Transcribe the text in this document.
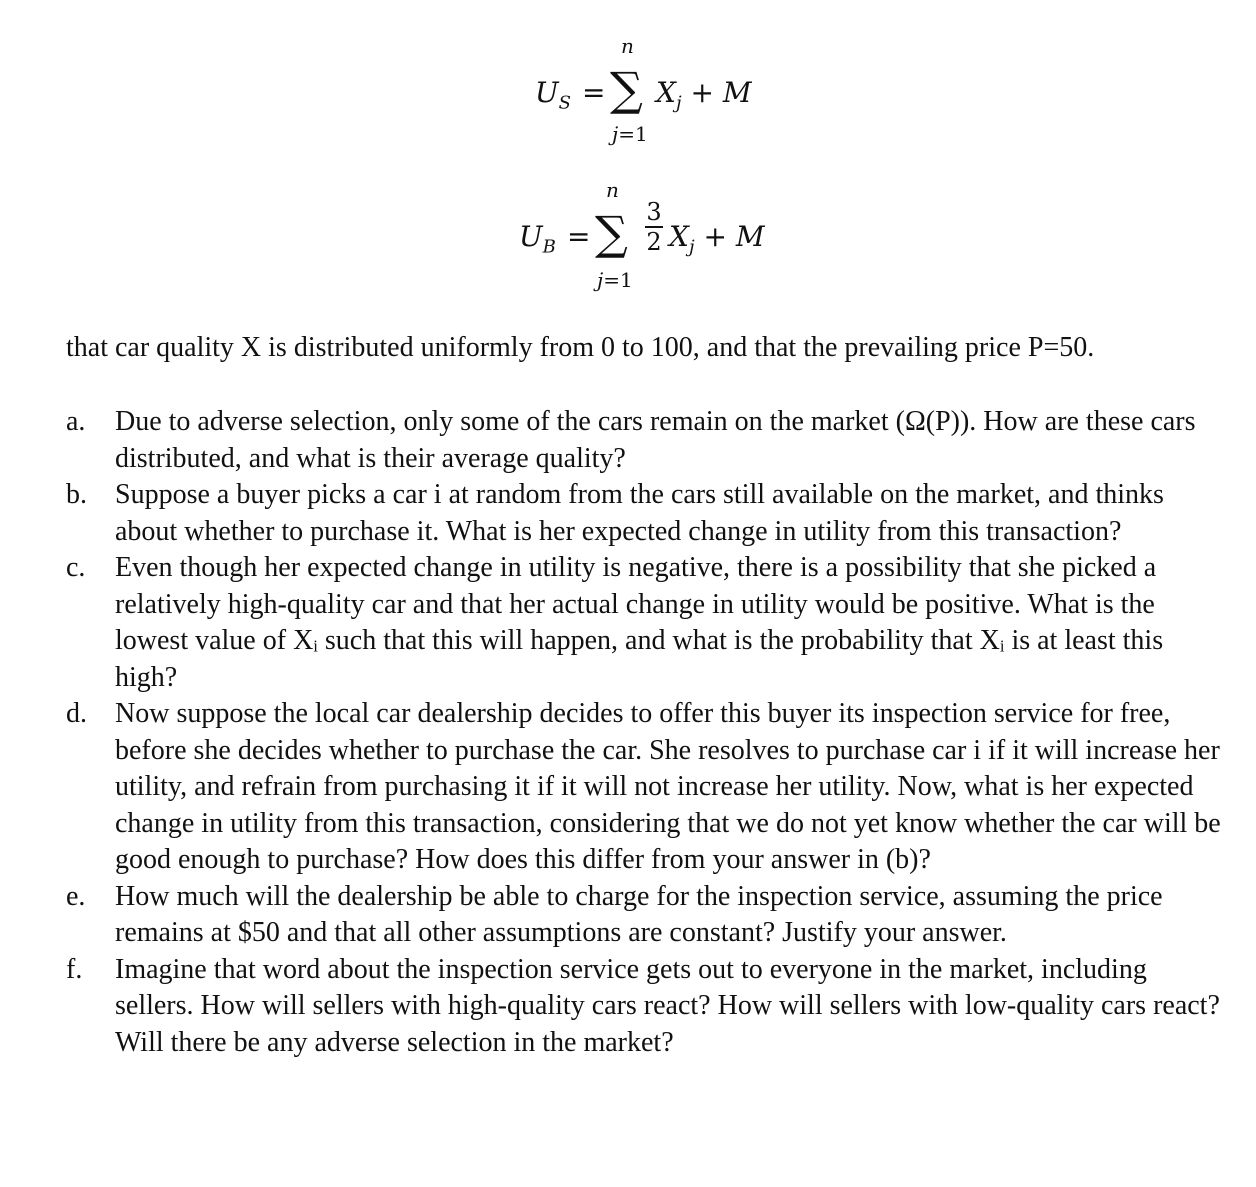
$U_S$ =
n
∑
j=1
$X_j + M$
$U_B$ =
n
∑
j=1
3
2 $X_j + M$
that car quality X is distributed uniformly from 0 to 100, and that the prevailing price P=50.
a.	Due to adverse selection, only some of the cars remain on the market (Ω(P)). How are these cars distributed, and what is their average quality?
b.	Suppose a buyer picks a car i at random from the cars still available on the market, and thinks about whether to purchase it. What is her expected change in utility from this transaction?
c.	Even though her expected change in utility is negative, there is a possibility that she picked a relatively high-quality car and that her actual change in utility would be positive. What is the lowest value of Xᵢ such that this will happen, and what is the probability that Xᵢ is at least this high?
d.	Now suppose the local car dealership decides to offer this buyer its inspection service for free, before she decides whether to purchase the car. She resolves to purchase car i if it will increase her utility, and refrain from purchasing it if it will not increase her utility. Now, what is her expected change in utility from this transaction, considering that we do not yet know whether the car will be good enough to purchase? How does this differ from your answer in (b)?
e.	How much will the dealership be able to charge for the inspection service, assuming the price remains at $50 and that all other assumptions are constant? Justify your answer.
f.	Imagine that word about the inspection service gets out to everyone in the market, including sellers. How will sellers with high-quality cars react? How will sellers with low-quality cars react? Will there be any adverse selection in the market?
